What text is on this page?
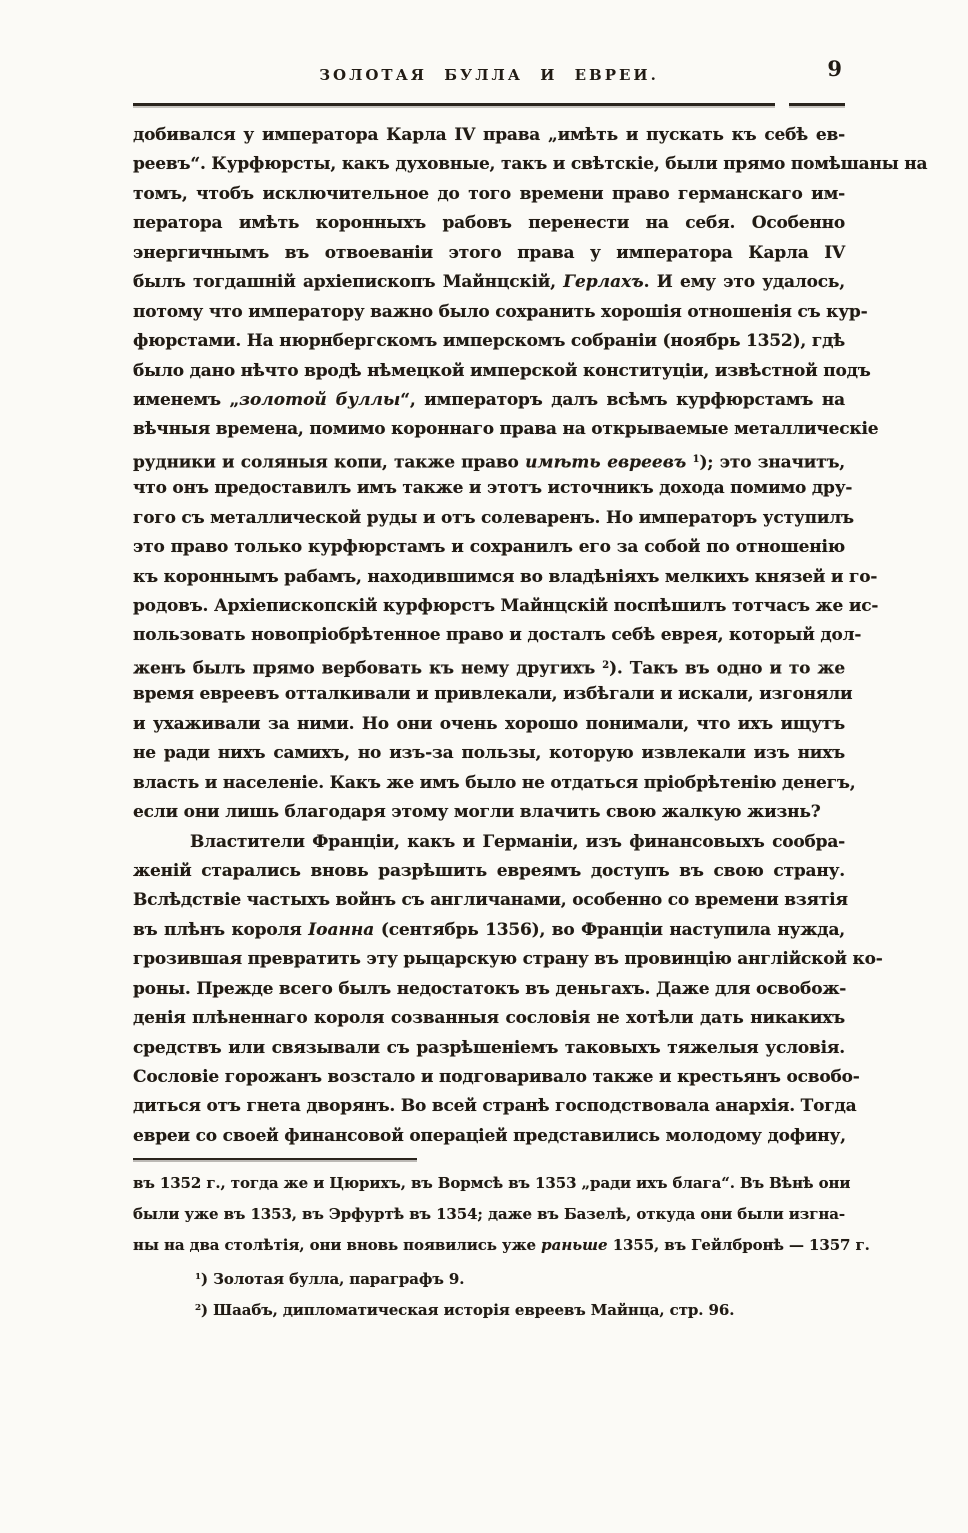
ЗОЛОТАЯ БУЛЛА И ЕВРЕИ.	9
добивался у императора Карла IV права „имѣть и пускать къ себѣ ев-
реевъ“. Курфюрсты, какъ духовные, такъ и свѣтскіе, были прямо помѣшаны на
томъ, чтобъ исключительное до того времени право германскаго им-
ператора имѣть коронныхъ рабовъ перенести на себя. Особенно
энергичнымъ въ отвоеваніи этого права у императора Карла IV
былъ тогдашній архіепископъ Майнцскій, Герлахъ. И ему это удалось,
потому что императору важно было сохранить хорошія отношенія съ кур-
фюрстами. На нюрнбергскомъ имперскомъ собраніи (ноябрь 1352), гдѣ
было дано нѣчто вродѣ нѣмецкой имперской конституціи, извѣстной подъ
именемъ „золотой буллы“, императоръ далъ всѣмъ курфюрстамъ на
вѣчныя времена, помимо короннаго права на открываемые металлическіе
рудники и соляныя копи, также право имѣть евреевъ $^1$); это значитъ,
что онъ предоставилъ имъ также и этотъ источникъ дохода помимо дру-
гого съ металлической руды и отъ солеваренъ. Но императоръ уступилъ
это право только курфюрстамъ и сохранилъ его за собой по отношенію
къ короннымъ рабамъ, находившимся во владѣніяхъ мелкихъ князей и го-
родовъ. Архіепископскій курфюрстъ Майнцскій поспѣшилъ тотчасъ же ис-
пользовать новопріобрѣтенное право и досталъ себѣ еврея, который дол-
женъ былъ прямо вербовать къ нему другихъ $^2$). Такъ въ одно и то же
время евреевъ отталкивали и привлекали, избѣгали и искали, изгоняли
и ухаживали за ними. Но они очень хорошо понимали, что ихъ ищутъ
не ради нихъ самихъ, но изъ-за пользы, которую извлекали изъ нихъ
власть и населеніе. Какъ же имъ было не отдаться пріобрѣтенію денегъ,
если они лишь благодаря этому могли влачить свою жалкую жизнь?
Властители Франціи, какъ и Германіи, изъ финансовыхъ сообра-
женій старались вновь разрѣшить евреямъ доступъ въ свою страну.
Вслѣдствіе частыхъ войнъ съ англичанами, особенно со времени взятія
въ плѣнъ короля Іоанна (сентябрь 1356), во Франціи наступила нужда,
грозившая превратить эту рыцарскую страну въ провинцію англійской ко-
роны. Прежде всего былъ недостатокъ въ деньгахъ. Даже для освобож-
денія плѣненнаго короля созванныя сословія не хотѣли дать никакихъ
средствъ или связывали съ разрѣшеніемъ таковыхъ тяжелыя условія.
Сословіе горожанъ возстало и подговаривало также и крестьянъ освобо-
диться отъ гнета дворянъ. Во всей странѣ господствовала анархія. Тогда
евреи со своей финансовой операціей представились молодому дофину,
въ 1352 г., тогда же и Цюрихъ, въ Вормсѣ въ 1353 „ради ихъ блага“. Въ Вѣнѣ они
были уже въ 1353, въ Эрфуртѣ въ 1354; даже въ Базелѣ, откуда они были изгна-
ны на два столѣтія, они вновь появились уже раньше 1355, въ Гейлбронѣ — 1357 г.
$^1$) Золотая булла, параграфъ 9.
$^2$) Шаабъ, дипломатическая исторія евреевъ Майнца, стр. 96.
